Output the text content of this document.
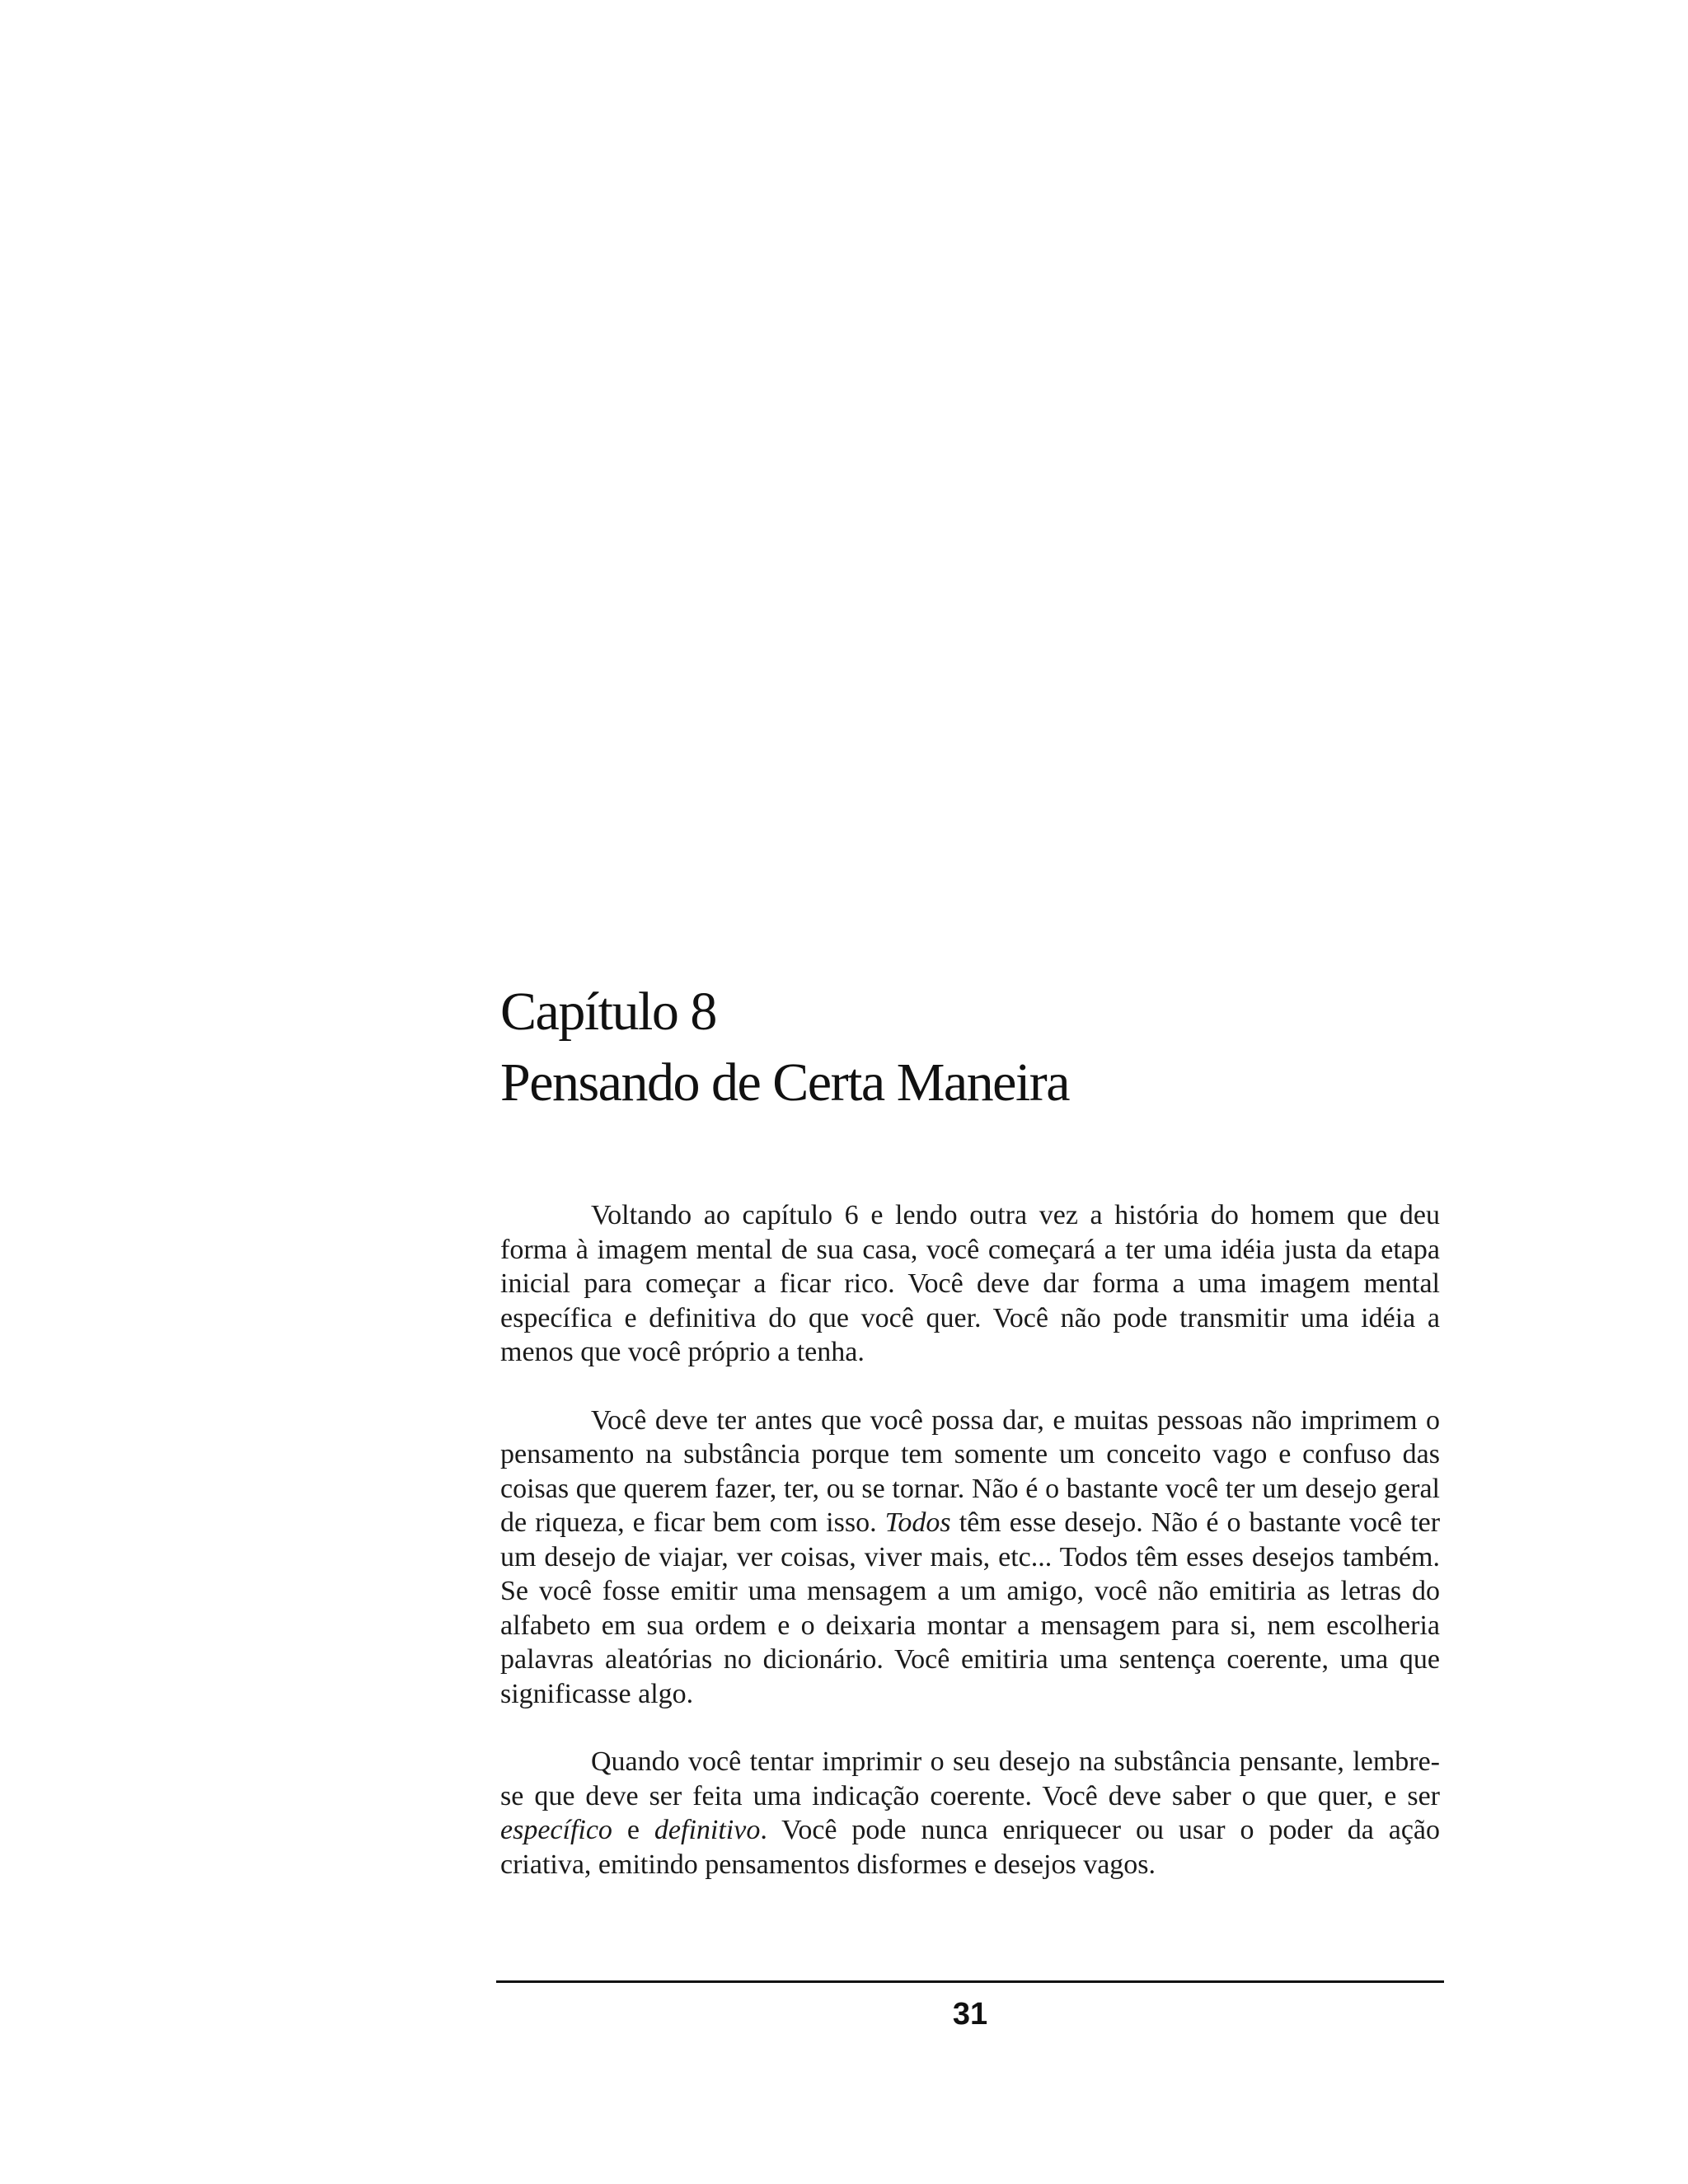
Capítulo 8
Pensando de Certa Maneira

Voltando ao capítulo 6 e lendo outra vez a história do homem que deu forma à imagem mental de sua casa, você começará a ter uma idéia justa da etapa inicial para começar a ficar rico. Você deve dar forma a uma imagem mental específica e definitiva do que você quer. Você não pode transmitir uma idéia a menos que você próprio a tenha.

Você deve ter antes que você possa dar, e muitas pessoas não imprimem o pensamento na substância porque tem somente um conceito vago e confuso das coisas que querem fazer, ter, ou se tornar. Não é o bastante você ter um desejo geral de riqueza, e ficar bem com isso. Todos têm esse desejo. Não é o bastante você ter um desejo de viajar, ver coisas, viver mais, etc... Todos têm esses desejos também. Se você fosse emitir uma mensagem a um amigo, você não emitiria as letras do alfabeto em sua ordem e o deixaria montar a mensagem para si, nem escolheria palavras aleatórias no dicionário. Você emitiria uma sentença coerente, uma que significasse algo.

Quando você tentar imprimir o seu desejo na substância pensante, lembre-se que deve ser feita uma indicação coerente. Você deve saber o que quer, e ser específico e definitivo. Você pode nunca enriquecer ou usar o poder da ação criativa, emitindo pensamentos disformes e desejos vagos.

31
